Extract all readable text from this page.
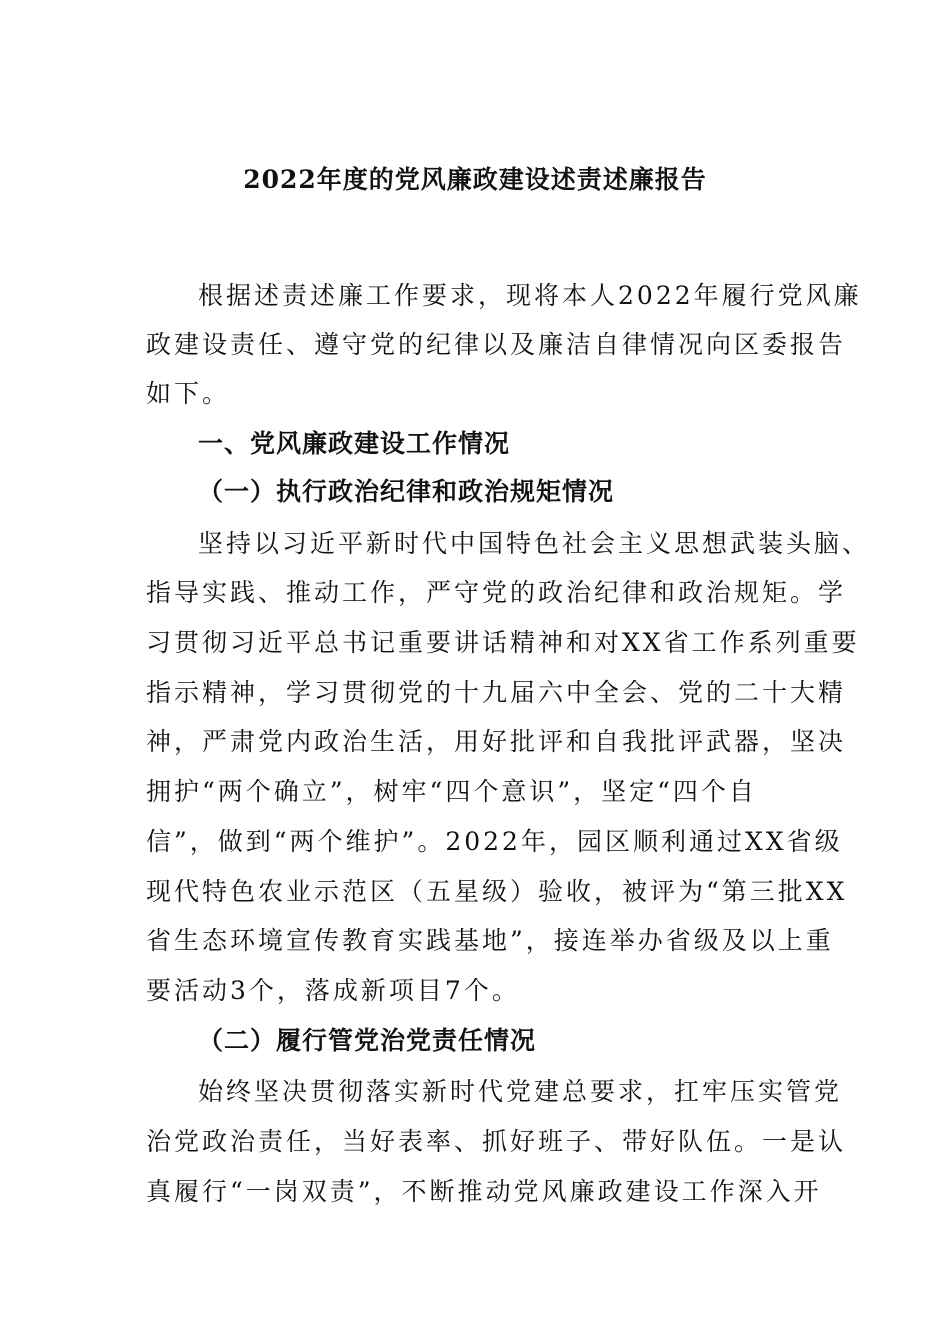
2022年度的党风廉政建设述责述廉报告
根据述责述廉工作要求，现将本人2022年履行党风廉
政建设责任、遵守党的纪律以及廉洁自律情况向区委报告
如下。
一、党风廉政建设工作情况
（一）执行政治纪律和政治规矩情况
坚持以习近平新时代中国特色社会主义思想武装头脑、
指导实践、推动工作，严守党的政治纪律和政治规矩。学
习贯彻习近平总书记重要讲话精神和对XX省工作系列重要
指示精神，学习贯彻党的十九届六中全会、党的二十大精
神，严肃党内政治生活，用好批评和自我批评武器，坚决
拥护“两个确立”，树牢“四个意识”，坚定“四个自
信”，做到“两个维护”。2022年，园区顺利通过XX省级
现代特色农业示范区（五星级）验收，被评为“第三批XX
省生态环境宣传教育实践基地”，接连举办省级及以上重
要活动3个，落成新项目7个。
（二）履行管党治党责任情况
始终坚决贯彻落实新时代党建总要求，扛牢压实管党
治党政治责任，当好表率、抓好班子、带好队伍。一是认
真履行“一岗双责”，不断推动党风廉政建设工作深入开
